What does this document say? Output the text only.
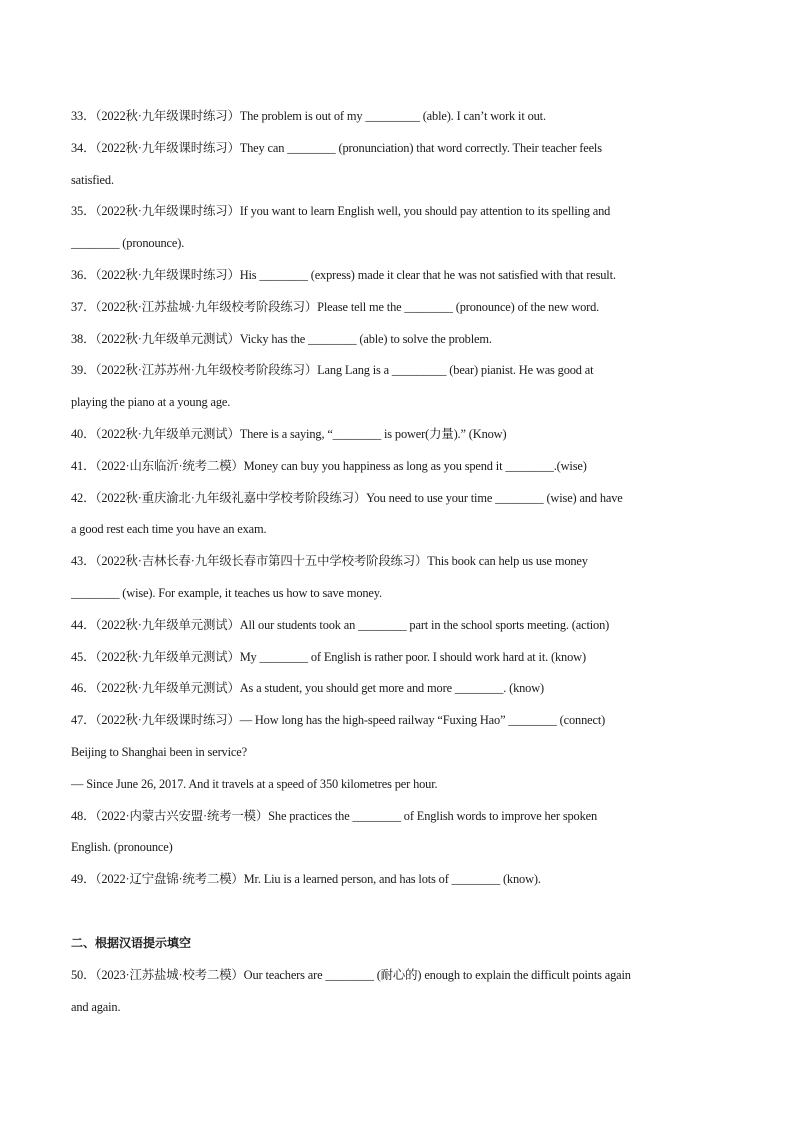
33．（2022秋·九年级课时练习）The problem is out of my _________ (able). I can’t work it out.
34．（2022秋·九年级课时练习）They can ________ (pronunciation) that word correctly. Their teacher feels
satisfied.
35．（2022秋·九年级课时练习）If you want to learn English well, you should pay attention to its spelling and
________ (pronounce).
36．（2022秋·九年级课时练习）His ________ (express) made it clear that he was not satisfied with that result.
37．（2022秋·江苏盐城·九年级校考阶段练习）Please tell me the ________ (pronounce) of the new word.
38．（2022秋·九年级单元测试）Vicky has the ________ (able) to solve the problem.
39．（2022秋·江苏苏州·九年级校考阶段练习）Lang Lang is a _________ (bear) pianist. He was good at
playing the piano at a young age.
40．（2022秋·九年级单元测试）There is a saying, “________ is power(力量).” (Know)
41．（2022·山东临沂·统考二模）Money can buy you happiness as long as you spend it ________.(wise)
42．（2022秋·重庆渝北·九年级礼嘉中学校考阶段练习）You need to use your time ________ (wise) and have
a good rest each time you have an exam.
43．（2022秋·吉林长春·九年级长春市第四十五中学校考阶段练习）This book can help us use money
________ (wise). For example, it teaches us how to save money.
44．（2022秋·九年级单元测试）All our students took an ________ part in the school sports meeting. (action)
45．（2022秋·九年级单元测试）My ________ of English is rather poor. I should work hard at it. (know)
46．（2022秋·九年级单元测试）As a student, you should get more and more ________. (know)
47．（2022秋·九年级课时练习）— How long has the high-speed railway “Fuxing Hao” ________ (connect)
Beijing to Shanghai been in service?
— Since June 26, 2017. And it travels at a speed of 350 kilometres per hour.
48．（2022·内蒙古兴安盟·统考一模）She practices the ________ of English words to improve her spoken
English. (pronounce)
49．（2022·辽宁盘锦·统考二模）Mr. Liu is a learned person, and has lots of ________ (know).
二、根据汉语提示填空
50．（2023·江苏盐城·校考二模）Our teachers are ________ (耐心的) enough to explain the difficult points again
and again.
